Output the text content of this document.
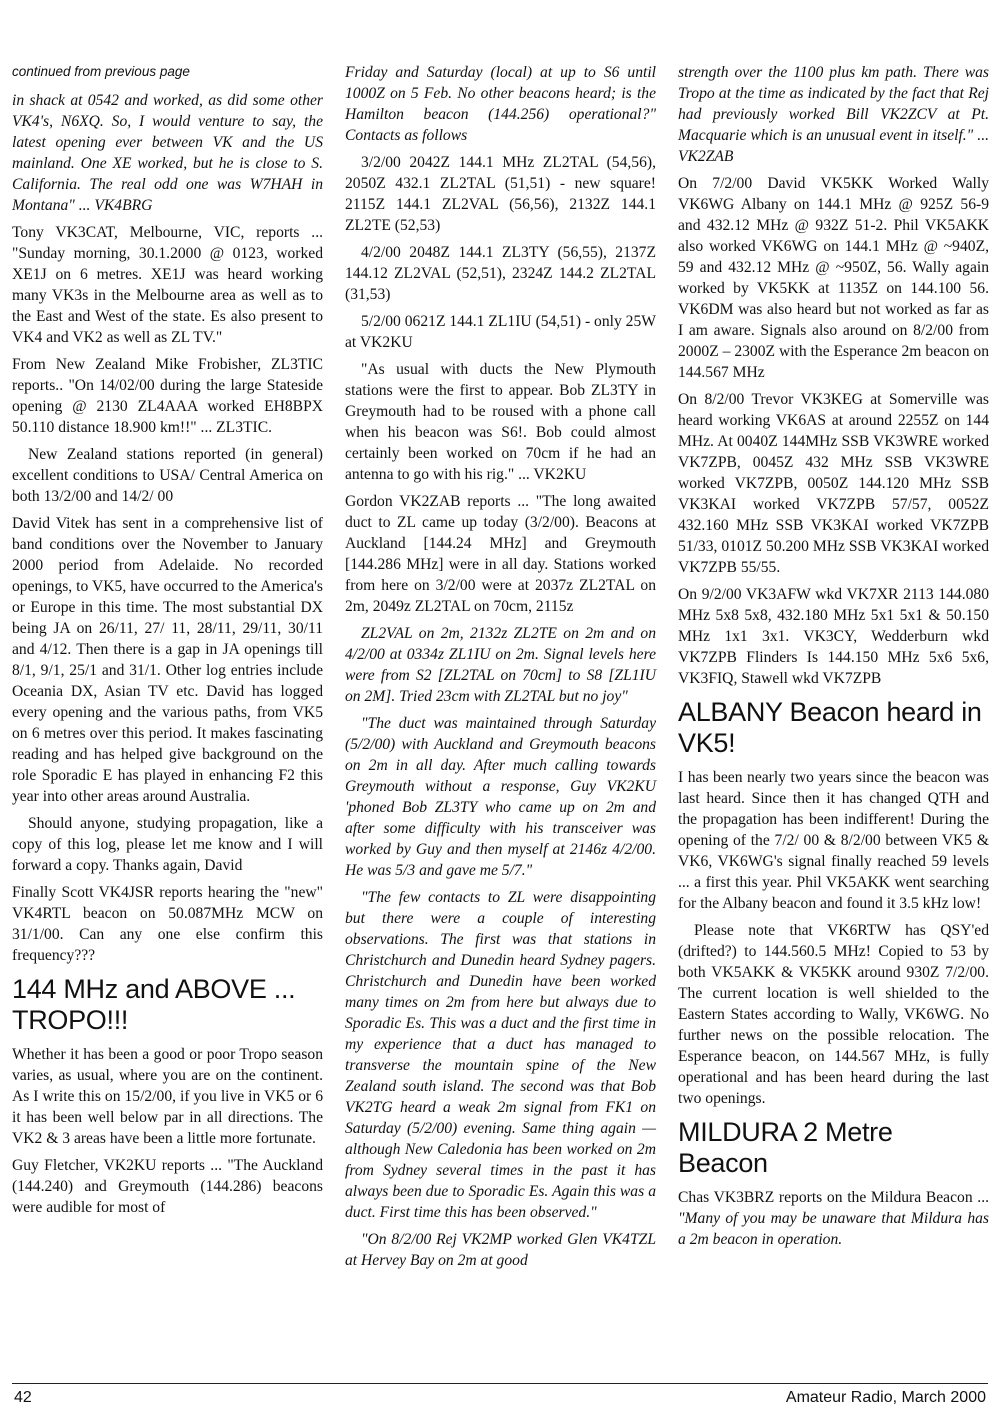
continued from previous page

in shack at 0542 and worked, as did some other VK4's, N6XQ. So, I would venture to say, the latest opening ever between VK and the US mainland. One XE worked, but he is close to S. California. The real odd one was W7HAH in Montana" ... VK4BRG

Tony VK3CAT, Melbourne, VIC, reports ... "Sunday morning, 30.1.2000 @ 0123, worked XE1J on 6 metres. XE1J was heard working many VK3s in the Melbourne area as well as to the East and West of the state. Es also present to VK4 and VK2 as well as ZL TV."

From New Zealand Mike Frobisher, ZL3TIC reports.. "On 14/02/00 during the large Stateside opening @ 2130 ZL4AAA worked EH8BPX 50.110 distance 18.900 km!!" ... ZL3TIC.

New Zealand stations reported (in general) excellent conditions to USA/ Central America on both 13/2/00 and 14/2/ 00

David Vitek has sent in a comprehensive list of band conditions over the November to January 2000 period from Adelaide. No recorded openings, to VK5, have occurred to the America's or Europe in this time. The most substantial DX being JA on 26/11, 27/ 11, 28/11, 29/11, 30/11 and 4/12. Then there is a gap in JA openings till 8/1, 9/1, 25/1 and 31/1. Other log entries include Oceania DX, Asian TV etc. David has logged every opening and the various paths, from VK5 on 6 metres over this period. It makes fascinating reading and has helped give background on the role Sporadic E has played in enhancing F2 this year into other areas around Australia.

Should anyone, studying propagation, like a copy of this log, please let me know and I will forward a copy. Thanks again, David

Finally Scott VK4JSR reports hearing the "new" VK4RTL beacon on 50.087MHz MCW on 31/1/00. Can any one else confirm this frequency???

144 MHz and ABOVE ... TROPO!!!

Whether it has been a good or poor Tropo season varies, as usual, where you are on the continent. As I write this on 15/2/00, if you live in VK5 or 6 it has been well below par in all directions. The VK2 & 3 areas have been a little more fortunate.

Guy Fletcher, VK2KU reports ... "The Auckland (144.240) and Greymouth (144.286) beacons were audible for most of

Friday and Saturday (local) at up to S6 until 1000Z on 5 Feb. No other beacons heard; is the Hamilton beacon (144.256) operational?" Contacts as follows

3/2/00 2042Z 144.1 MHz ZL2TAL (54,56), 2050Z 432.1 ZL2TAL (51,51) - new square! 2115Z 144.1 ZL2VAL (56,56), 2132Z 144.1 ZL2TE (52,53)

4/2/00 2048Z 144.1 ZL3TY (56,55), 2137Z 144.12 ZL2VAL (52,51), 2324Z 144.2 ZL2TAL (31,53)

5/2/00 0621Z 144.1 ZL1IU (54,51) - only 25W at VK2KU

"As usual with ducts the New Plymouth stations were the first to appear. Bob ZL3TY in Greymouth had to be roused with a phone call when his beacon was S6!. Bob could almost certainly been worked on 70cm if he had an antenna to go with his rig." ... VK2KU

Gordon VK2ZAB reports ... "The long awaited duct to ZL came up today (3/2/00). Beacons at Auckland [144.24 MHz] and Greymouth [144.286 MHz] were in all day. Stations worked from here on 3/2/00 were at 2037z ZL2TAL on 2m, 2049z ZL2TAL on 70cm, 2115z

ZL2VAL on 2m, 2132z ZL2TE on 2m and on 4/2/00 at 0334z ZL1IU on 2m. Signal levels here were from S2 [ZL2TAL on 70cm] to S8 [ZL1IU on 2M]. Tried 23cm with ZL2TAL but no joy"

"The duct was maintained through Saturday (5/2/00) with Auckland and Greymouth beacons on 2m in all day. After much calling towards Greymouth without a response, Guy VK2KU 'phoned Bob ZL3TY who came up on 2m and after some difficulty with his transceiver was worked by Guy and then myself at 2146z 4/2/00. He was 5/3 and gave me 5/7."

"The few contacts to ZL were disappointing but there were a couple of interesting observations. The first was that stations in Christchurch and Dunedin heard Sydney pagers. Christchurch and Dunedin have been worked many times on 2m from here but always due to Sporadic Es. This was a duct and the first time in my experience that a duct has managed to transverse the mountain spine of the New Zealand south island. The second was that Bob VK2TG heard a weak 2m signal from FK1 on Saturday (5/2/00) evening. Same thing again — although New Caledonia has been worked on 2m from Sydney several times in the past it has always been due to Sporadic Es. Again this was a duct. First time this has been observed."

"On 8/2/00 Rej VK2MP worked Glen VK4TZL at Hervey Bay on 2m at good

strength over the 1100 plus km path. There was Tropo at the time as indicated by the fact that Rej had previously worked Bill VK2ZCV at Pt. Macquarie which is an unusual event in itself." ... VK2ZAB

On 7/2/00 David VK5KK Worked Wally VK6WG Albany on 144.1 MHz @ 925Z 56-9 and 432.12 MHz @ 932Z 51-2. Phil VK5AKK also worked VK6WG on 144.1 MHz @ ~940Z, 59 and 432.12 MHz @ ~950Z, 56. Wally again worked by VK5KK at 1135Z on 144.100 56. VK6DM was also heard but not worked as far as I am aware. Signals also around on 8/2/00 from 2000Z – 2300Z with the Esperance 2m beacon on 144.567 MHz

On 8/2/00 Trevor VK3KEG at Somerville was heard working VK6AS at around 2255Z on 144 MHz. At 0040Z 144MHz SSB VK3WRE worked VK7ZPB, 0045Z 432 MHz SSB VK3WRE worked VK7ZPB, 0050Z 144.120 MHz SSB VK3KAI worked VK7ZPB 57/57, 0052Z 432.160 MHz SSB VK3KAI worked VK7ZPB 51/33, 0101Z 50.200 MHz SSB VK3KAI worked VK7ZPB 55/55.

On 9/2/00 VK3AFW wkd VK7XR 2113 144.080 MHz 5x8 5x8, 432.180 MHz 5x1 5x1 & 50.150 MHz 1x1 3x1. VK3CY, Wedderburn wkd VK7ZPB Flinders Is 144.150 MHz 5x6 5x6, VK3FIQ, Stawell wkd VK7ZPB

ALBANY Beacon heard in VK5!

I has been nearly two years since the beacon was last heard. Since then it has changed QTH and the propagation has been indifferent! During the opening of the 7/2/ 00 & 8/2/00 between VK5 & VK6, VK6WG's signal finally reached 59 levels ... a first this year. Phil VK5AKK went searching for the Albany beacon and found it 3.5 kHz low!

Please note that VK6RTW has QSY'ed (drifted?) to 144.560.5 MHz! Copied to 53 by both VK5AKK & VK5KK around 930Z 7/2/00. The current location is well shielded to the Eastern States according to Wally, VK6WG. No further news on the possible relocation. The Esperance beacon, on 144.567 MHz, is fully operational and has been heard during the last two openings.

MILDURA 2 Metre Beacon

Chas VK3BRZ reports on the Mildura Beacon ... "Many of you may be unaware that Mildura has a 2m beacon in operation.

42	Amateur Radio, March 2000
